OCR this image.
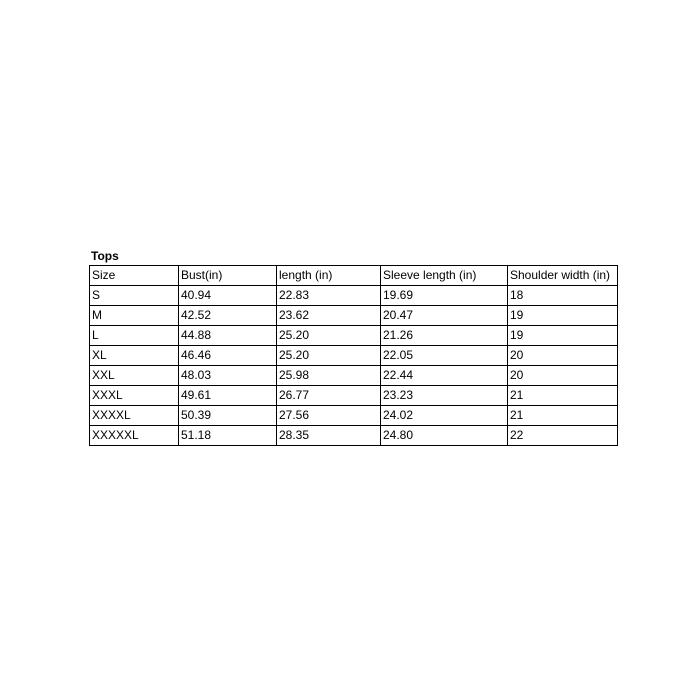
Tops
Size	Bust(in)	length (in)	Sleeve length (in)	Shoulder width (in)
S	40.94	22.83	19.69	18
M	42.52	23.62	20.47	19
L	44.88	25.20	21.26	19
XL	46.46	25.20	22.05	20
XXL	48.03	25.98	22.44	20
XXXL	49.61	26.77	23.23	21
XXXXL	50.39	27.56	24.02	21
XXXXXL	51.18	28.35	24.80	22
